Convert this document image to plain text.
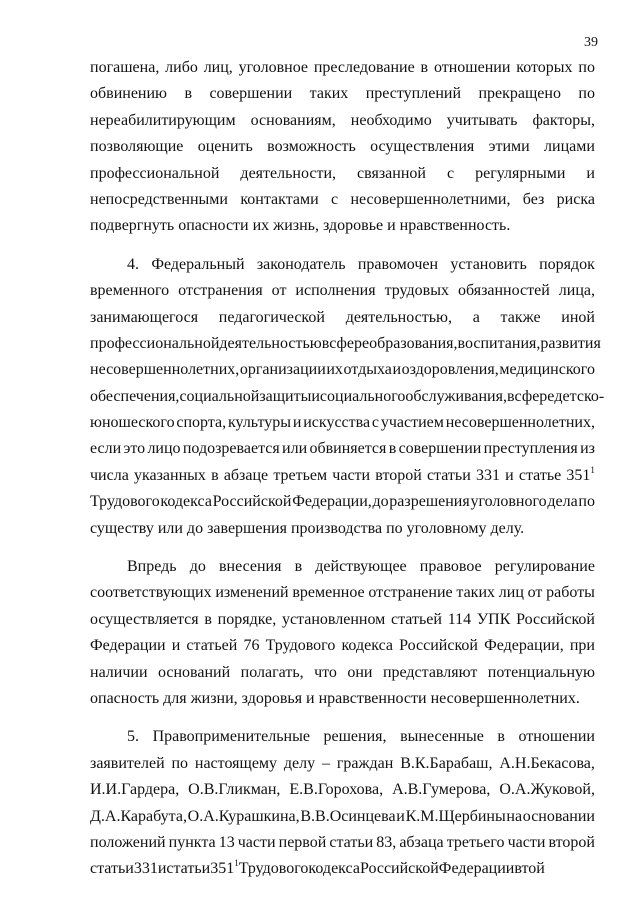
39
погашена, либо лиц, уголовное преследование в отношении которых по
обвинению в совершении таких преступлений прекращено по
нереабилитирующим основаниям, необходимо учитывать факторы,
позволяющие оценить возможность осуществления этими лицами
профессиональной деятельности, связанной с регулярными и
непосредственными контактами с несовершеннолетними, без риска
подвергнуть опасности их жизнь, здоровье и нравственность.
4. Федеральный законодатель правомочен установить порядок
временного отстранения от исполнения трудовых обязанностей лица,
занимающегося педагогической деятельностью, а также иной
профессиональной деятельностью в сфере образования, воспитания, развития
несовершеннолетних, организации их отдыха и оздоровления, медицинского
обеспечения, социальной защиты и социального обслуживания, в сфере детско-
юношеского спорта, культуры и искусства с участием несовершеннолетних,
если это лицо подозревается или обвиняется в совершении преступления из
числа указанных в абзаце третьем части второй статьи 331 и статье $351^1$
Трудового кодекса Российской Федерации, до разрешения уголовного дела по
существу или до завершения производства по уголовному делу.
Впредь до внесения в действующее правовое регулирование
соответствующих изменений временное отстранение таких лиц от работы
осуществляется в порядке, установленном статьей 114 УПК Российской
Федерации и статьей 76 Трудового кодекса Российской Федерации, при
наличии оснований полагать, что они представляют потенциальную
опасность для жизни, здоровья и нравственности несовершеннолетних.
5. Правоприменительные решения, вынесенные в отношении
заявителей по настоящему делу – граждан В.К.Барабаш, А.Н.Бекасова,
И.И.Гардера, О.В.Гликман, Е.В.Горохова, А.В.Гумерова, О.А.Жуковой,
Д.А.Карабута, О.А.Курашкина, В.В.Осинцева и К.М.Щербины на основании
положений пункта 13 части первой статьи 83, абзаца третьего части второй
$статьи331истатьи351^1ТрудовогокодексаРоссийскойФедерациивтой$
